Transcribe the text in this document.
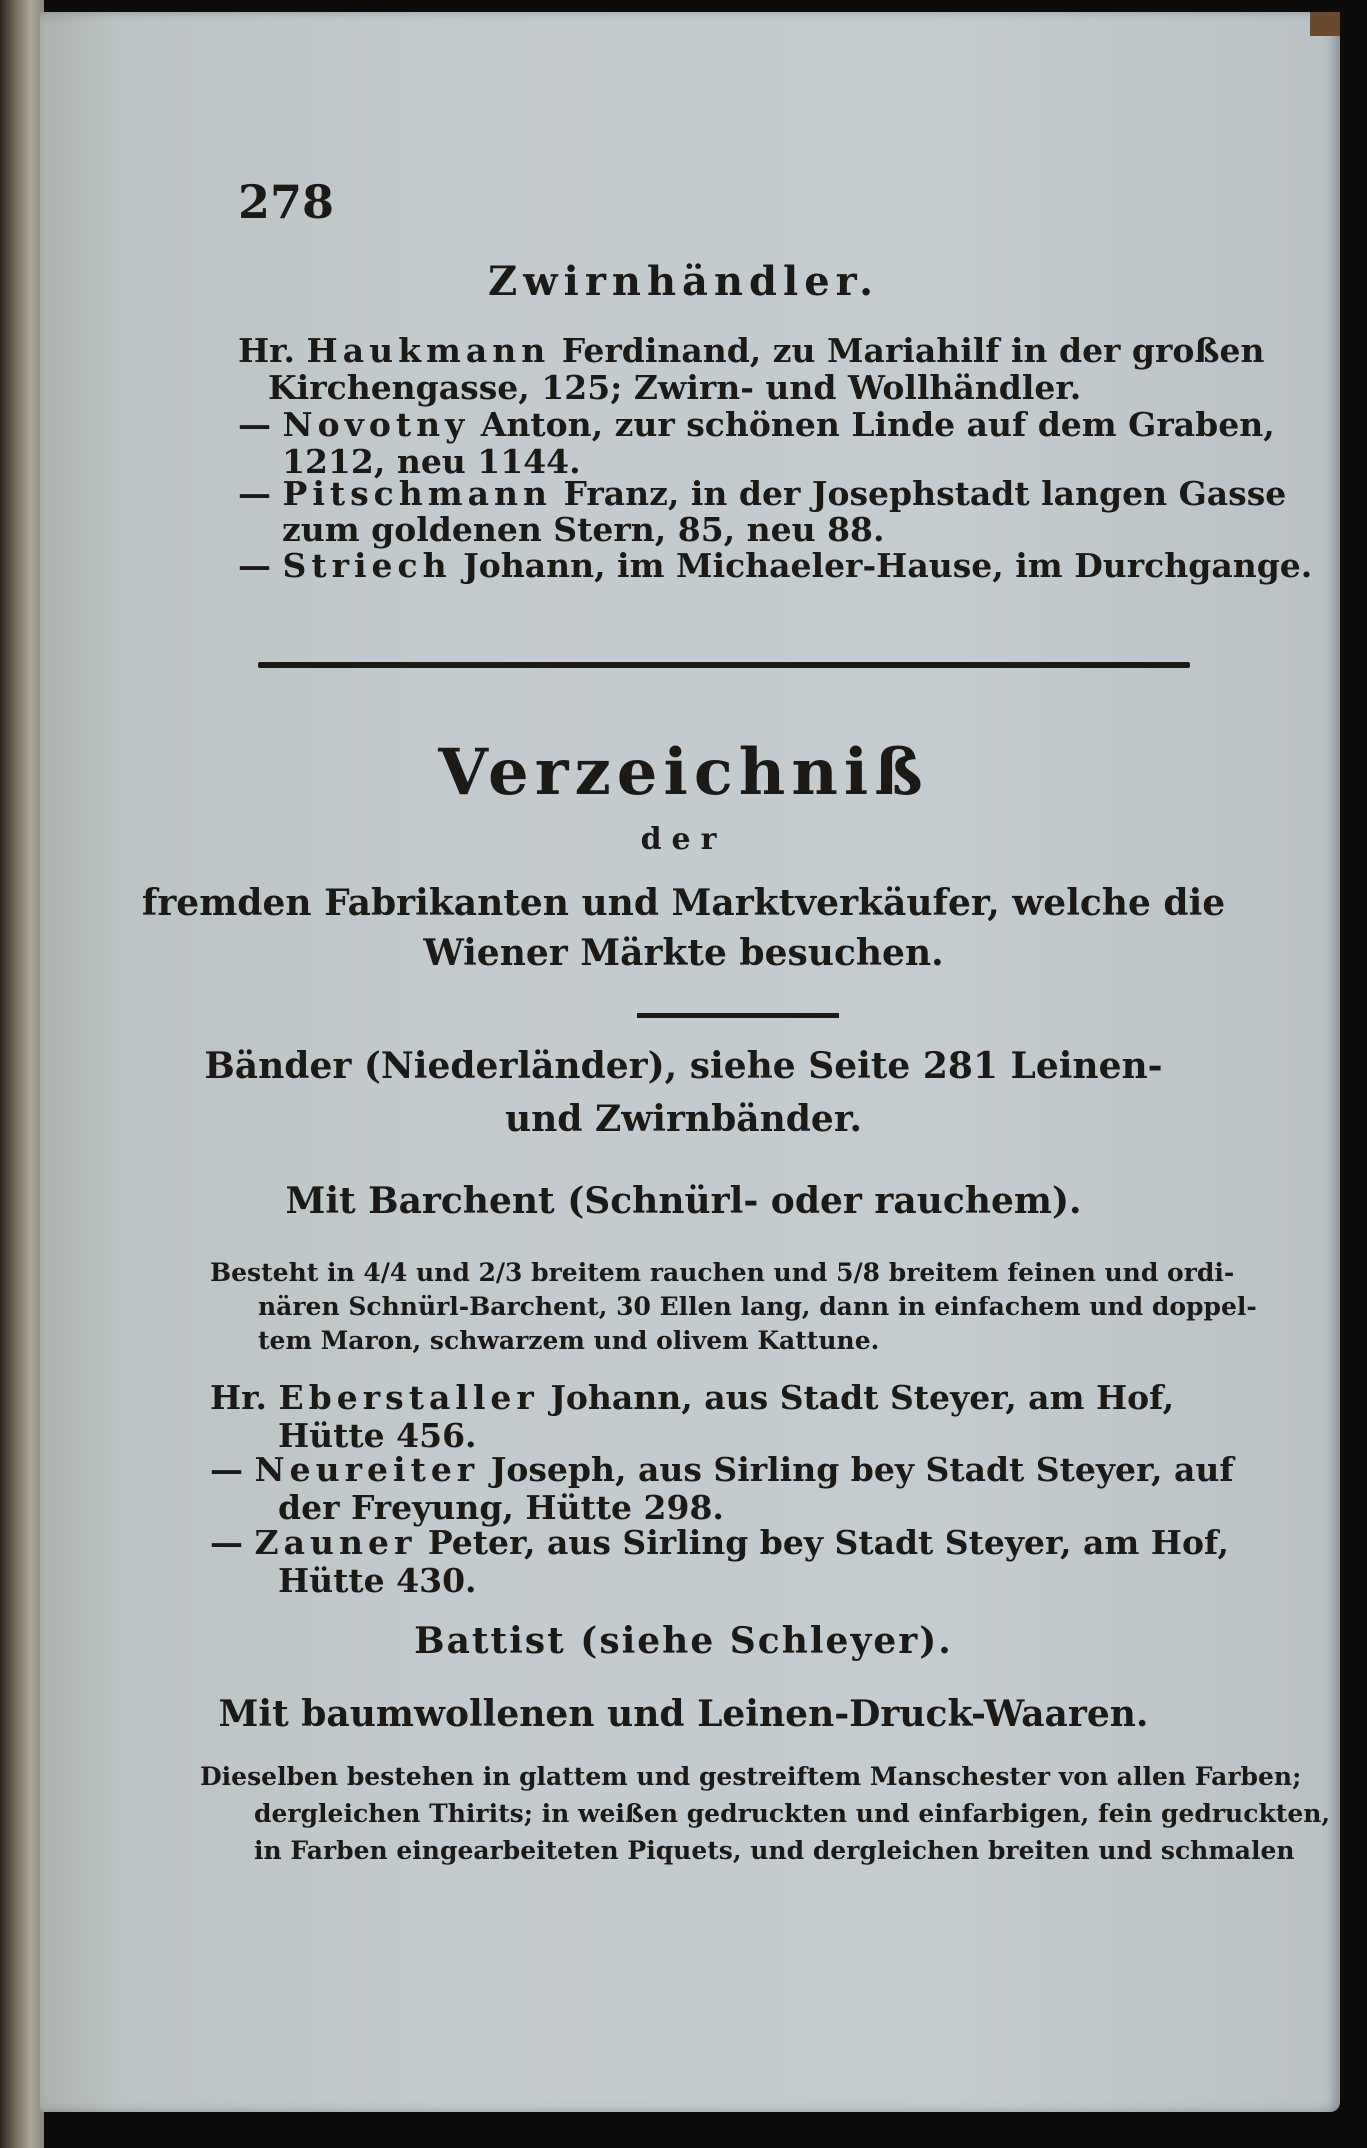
278
Zwirnhändler.
Hr. Haukmann Ferdinand, zu Mariahilf in der großen
Kirchengasse, 125; Zwirn- und Wollhändler.
— Novotny Anton, zur schönen Linde auf dem Graben,
1212, neu 1144.
— Pitschmann Franz, in der Josephstadt langen Gasse
zum goldenen Stern, 85, neu 88.
— Striech Johann, im Michaeler-Hause, im Durchgange.
Verzeichniß
der
fremden Fabrikanten und Marktverkäufer, welche die
Wiener Märkte besuchen.
Bänder (Niederländer), siehe Seite 281 Leinen-
und Zwirnbänder.
Mit Barchent (Schnürl- oder rauchem).
Besteht in 4/4 und 2/3 breitem rauchen und 5/8 breitem feinen und ordi-
nären Schnürl-Barchent, 30 Ellen lang, dann in einfachem und doppel-
tem Maron, schwarzem und olivem Kattune.
Hr. Eberstaller Johann, aus Stadt Steyer, am Hof,
Hütte 456.
— Neureiter Joseph, aus Sirling bey Stadt Steyer, auf
der Freyung, Hütte 298.
— Zauner Peter, aus Sirling bey Stadt Steyer, am Hof,
Hütte 430.
Battist (siehe Schleyer).
Mit baumwollenen und Leinen-Druck-Waaren.
Dieselben bestehen in glattem und gestreiftem Manschester von allen Farben;
dergleichen Thirits; in weißen gedruckten und einfarbigen, fein gedruckten,
in Farben eingearbeiteten Piquets, und dergleichen breiten und schmalen
